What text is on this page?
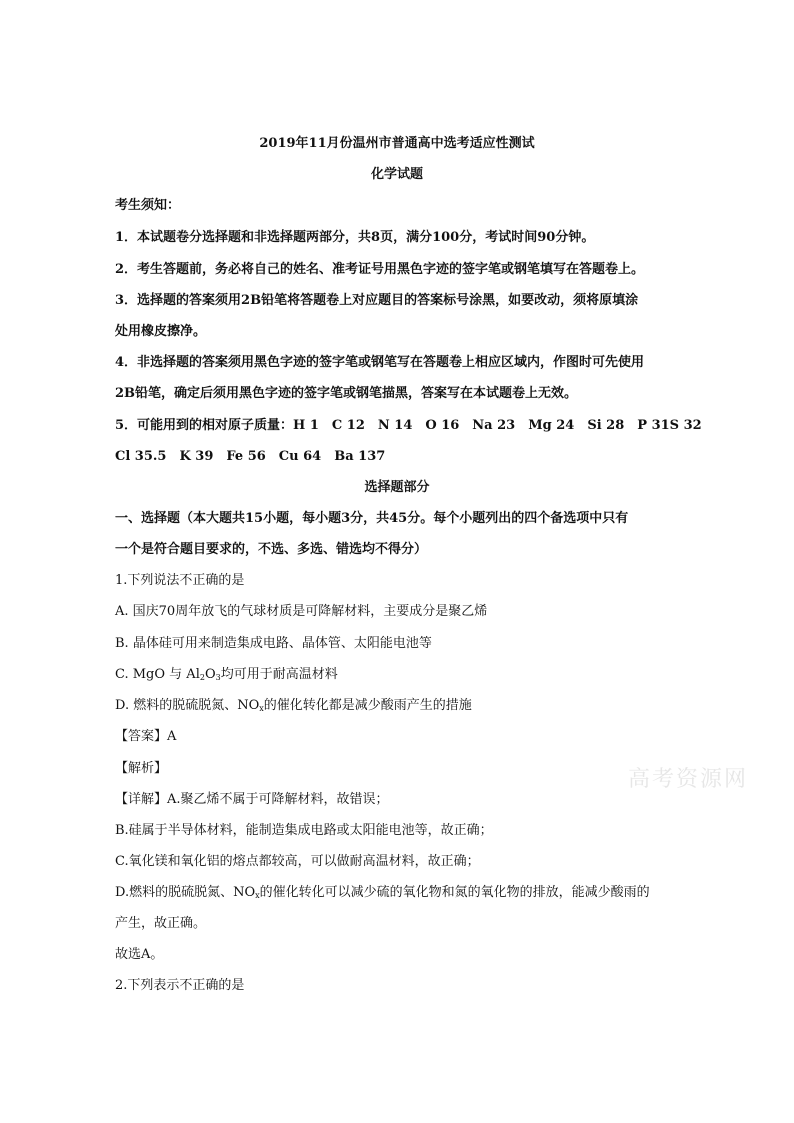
2019年11月份温州市普通高中选考适应性测试
化学试题
考生须知：
1．本试题卷分选择题和非选择题两部分，共8页，满分100分，考试时间90分钟。
2．考生答题前，务必将自己的姓名、准考证号用黑色字迹的签字笔或钢笔填写在答题卷上。
3．选择题的答案须用2B铅笔将答题卷上对应题目的答案标号涂黑，如要改动，须将原填涂
处用橡皮擦净。
4．非选择题的答案须用黑色字迹的签字笔或钢笔写在答题卷上相应区域内，作图时可先使用
2B铅笔，确定后须用黑色字迹的签字笔或钢笔描黑，答案写在本试题卷上无效。
5．可能用到的相对原子质量：H 1　C 12　N 14　O 16　Na 23　Mg 24　Si 28　P 31S 32
Cl 35.5　K 39　Fe 56　Cu 64　Ba 137
选择题部分
一、选择题（本大题共15小题，每小题3分，共45分。每个小题列出的四个备选项中只有
一个是符合题目要求的，不选、多选、错选均不得分）
1.下列说法不正确的是
A. 国庆70周年放飞的气球材质是可降解材料，主要成分是聚乙烯
B. 晶体硅可用来制造集成电路、晶体管、太阳能电池等
C. MgO 与 $Al_2O_3$均可用于耐高温材料
D. 燃料的脱硫脱氮、$NO_x$的催化转化都是减少酸雨产生的措施
【答案】A
【解析】
【详解】A.聚乙烯不属于可降解材料，故错误；
B.硅属于半导体材料，能制造集成电路或太阳能电池等，故正确；
C.氧化镁和氧化铝的熔点都较高，可以做耐高温材料，故正确；
D.燃料的脱硫脱氮、$NO_x$的催化转化可以减少硫的氧化物和氮的氧化物的排放，能减少酸雨的
产生，故正确。
故选A。
2.下列表示不正确的是
高考资源网
